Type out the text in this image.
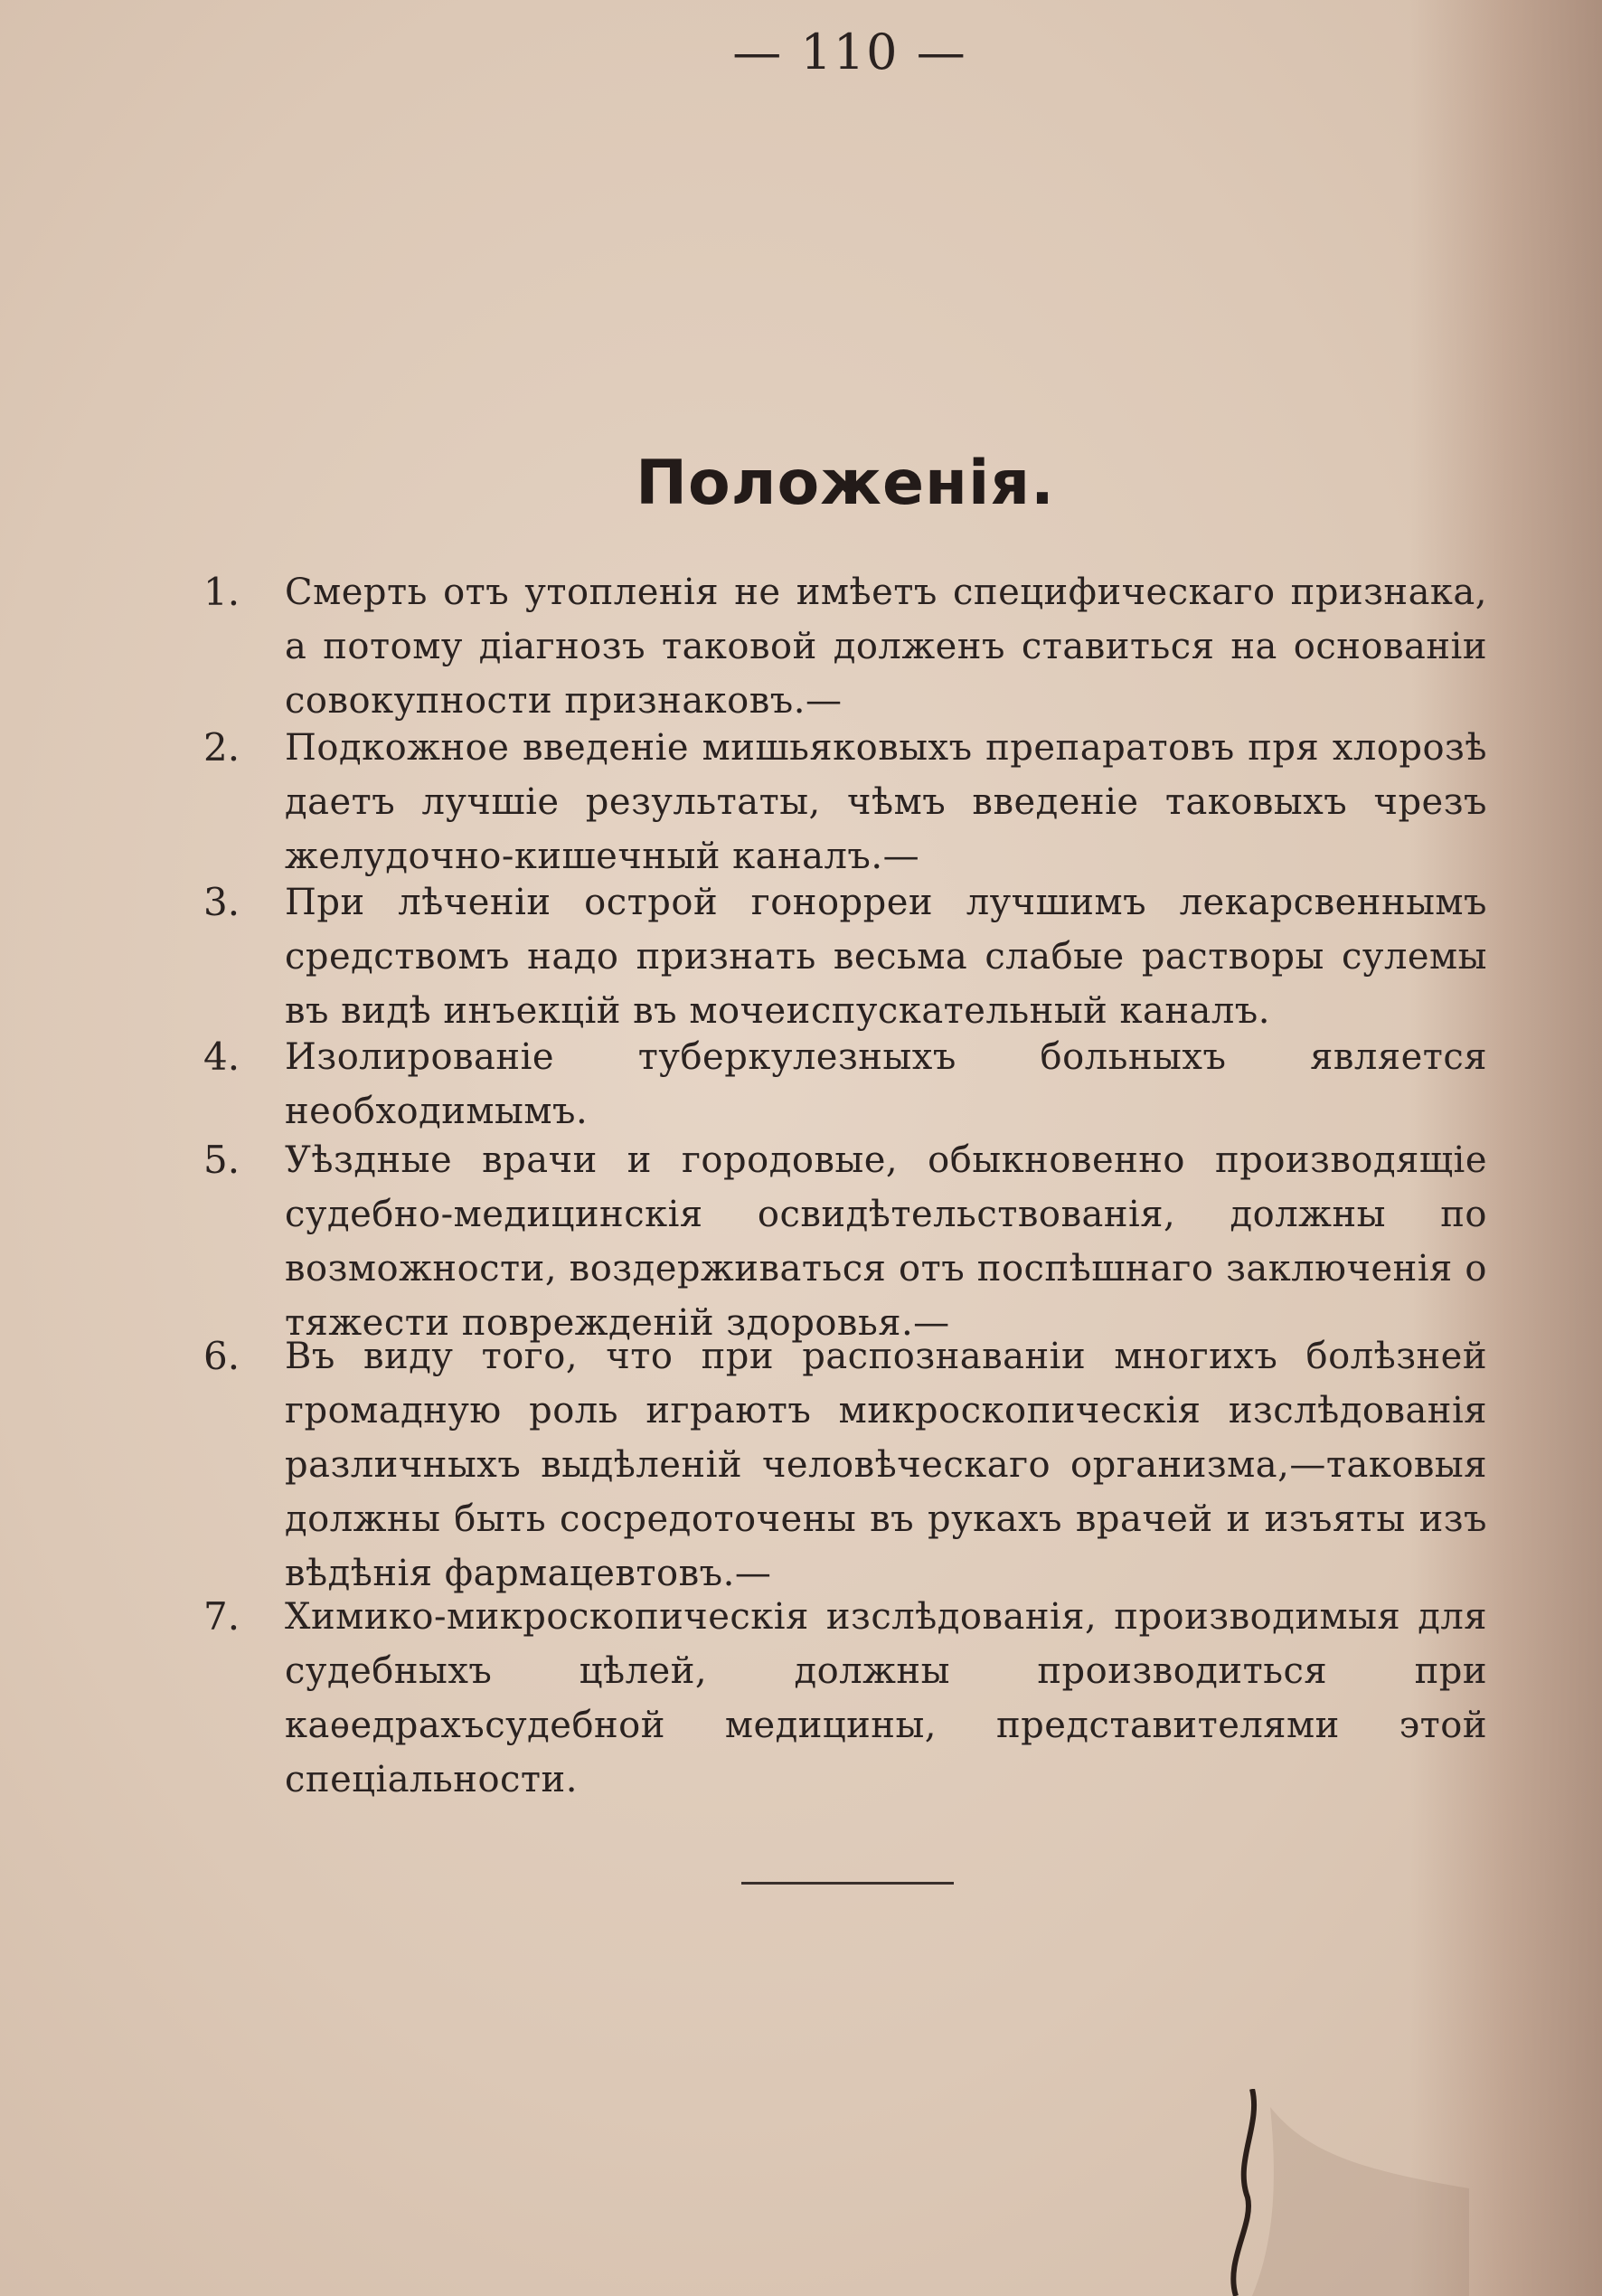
— 110 —
Положенія.
1.	Смерть отъ утопленія не имѣетъ специфическаго признака, а потому діагнозъ таковой долженъ ставиться на основаніи совокупности признаковъ.—
2.	Подкожное введеніе мишьяковыхъ препаратовъ пря хлорозѣ даетъ лучшіе результаты, чѣмъ введеніе таковыхъ чрезъ желудочно-кишечный каналъ.—
3.	При лѣченіи острой гонорреи лучшимъ лекарсвеннымъ средствомъ надо признать весьма слабые растворы сулемы въ видѣ инъекцій въ мочеиспускательный каналъ.
4.	Изолированіе туберкулезныхъ больныхъ является необходимымъ.
5.	Уѣздные врачи и городовые, обыкновенно производящіе судебно-медицинскія освидѣтельствованія, должны по возможности, воздерживаться отъ поспѣшнаго заключенія о тяжести поврежденій здоровья.—
6.	Въ виду того, что при распознаваніи многихъ болѣзней громадную роль играютъ микроскопическія изслѣдованія различныхъ выдѣленій человѣческаго организма,—таковыя должны быть сосредоточены въ рукахъ врачей и изъяты изъ вѣдѣнія фармацевтовъ.—
7.	Химико-микроскопическія изслѣдованія, производимыя для судебныхъ цѣлей, должны производиться при каѳедрахъсудебной медицины, представителями этой спеціальности.
